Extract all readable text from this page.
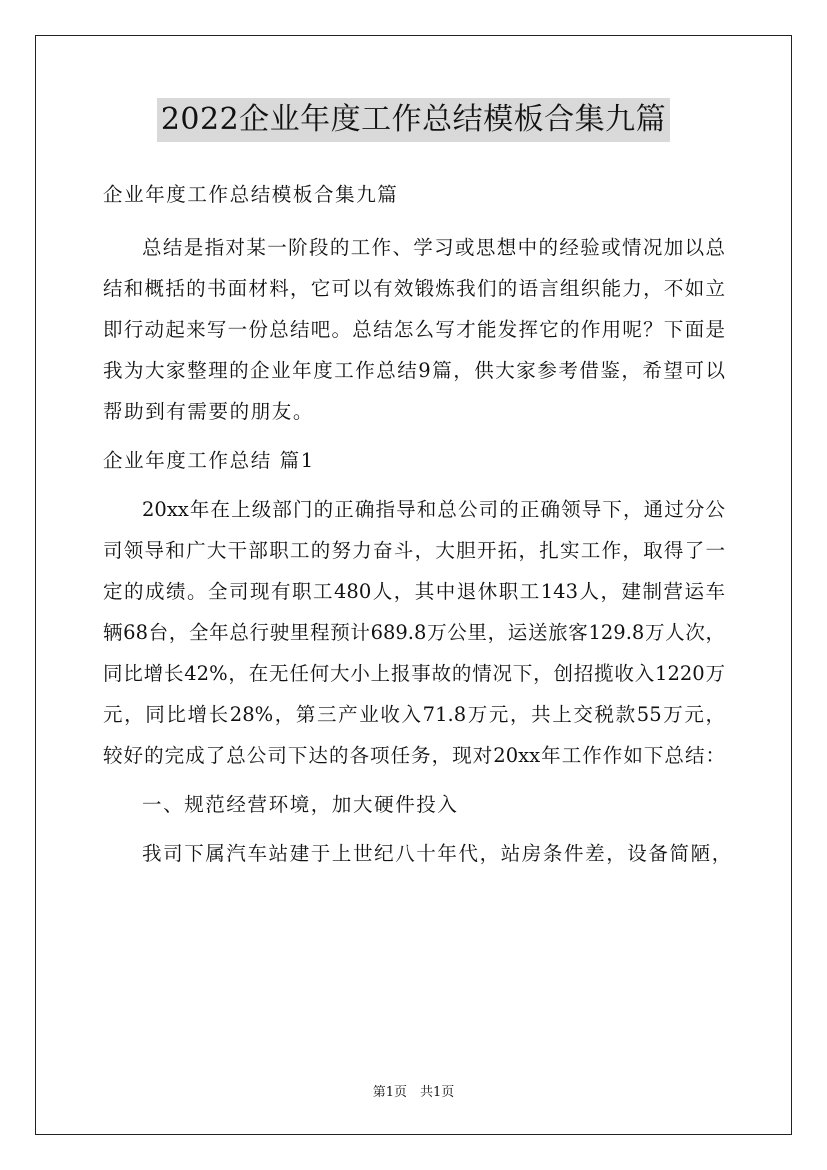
2022企业年度工作总结模板合集九篇
企业年度工作总结模板合集九篇
总结是指对某一阶段的工作、学习或思想中的经验或情况加以总
结和概括的书面材料，它可以有效锻炼我们的语言组织能力，不如立
即行动起来写一份总结吧。总结怎么写才能发挥它的作用呢？下面是
我为大家整理的企业年度工作总结9篇，供大家参考借鉴，希望可以
帮助到有需要的朋友。
企业年度工作总结 篇1
20xx年在上级部门的正确指导和总公司的正确领导下，通过分公
司领导和广大干部职工的努力奋斗，大胆开拓，扎实工作，取得了一
定的成绩。全司现有职工480人，其中退休职工143人，建制营运车
辆68台，全年总行驶里程预计689.8万公里，运送旅客129.8万人次，
同比增长42%，在无任何大小上报事故的情况下，创招揽收入1220万
元，同比增长28%，第三产业收入71.8万元，共上交税款55万元，
较好的完成了总公司下达的各项任务，现对20xx年工作作如下总结：
一、规范经营环境，加大硬件投入
我司下属汽车站建于上世纪八十年代，站房条件差，设备简陋，
第1页　共1页
